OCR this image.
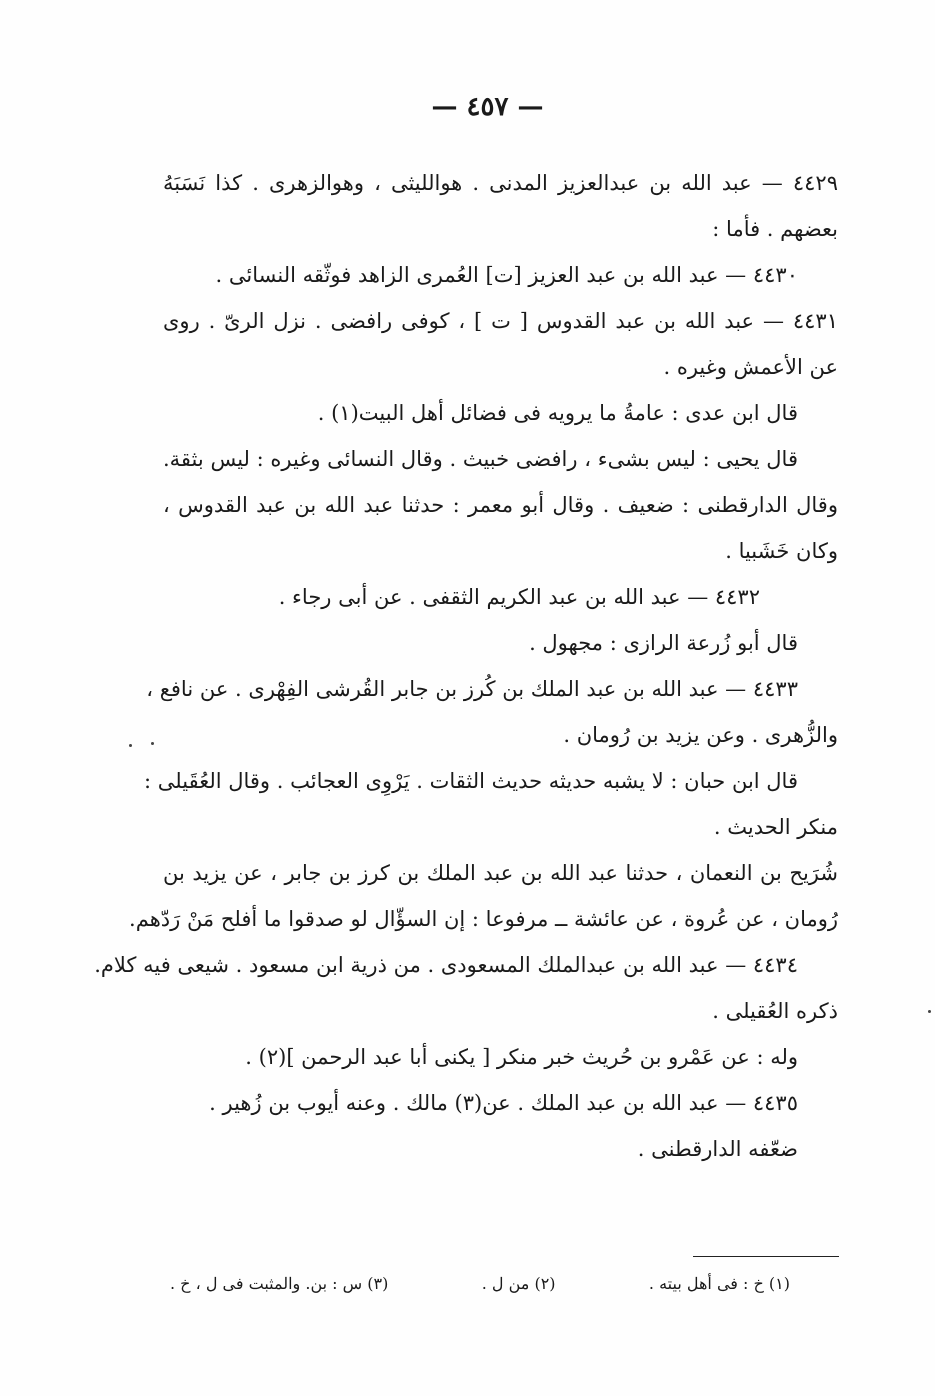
— ٤٥٧ —
٤٤٢٩ — عبد الله بن عبدالعزيز المدنى . هوالليثى ، وهوالزهرى . كذا نَسَبَهُ
بعضهم . فأما :
٤٤٣٠ — عبد الله بن عبد العزيز [ت] العُمرى الزاهد فوثّقه النسائى .
٤٤٣١ — عبد الله بن عبد القدوس [ ت ] ، كوفى رافضى . نزل الرىّ . روى
عن الأعمش وغيره .
قال ابن عدى : عامةُ ما يرويه فى فضائل أهل البيت(١) .
قال يحيى : ليس بشىء ، رافضى خبيث . وقال النسائى وغيره : ليس بثقة.
وقال الدارقطنى : ضعيف . وقال أبو معمر : حدثنا عبد الله بن عبد القدوس ،
وكان خَشَبيا .
٤٤٣٢ — عبد الله بن عبد الكريم الثقفى . عن أبى رجاء .
قال أبو زُرعة الرازى : مجهول .
٤٤٣٣ — عبد الله بن عبد الملك بن كُرز بن جابر القُرشى الفِهْرى . عن نافع ،
والزُّهرى . وعن يزيد بن رُومان .
قال ابن حبان : لا يشبه حديثه حديث الثقات . يَرْوِى العجائب . وقال العُقَيلى :
منكر الحديث .
شُرَيح بن النعمان ، حدثنا عبد الله بن عبد الملك بن كرز بن جابر ، عن يزيد بن
رُومان ، عن عُروة ، عن عائشة ــ مرفوعا : إن السؤّال لو صدقوا ما أفلح مَنْ رَدّهم.
٤٤٣٤ — عبد الله بن عبدالملك المسعودى . من ذرية ابن مسعود . شيعى فيه كلام.
ذكره العُقيلى .
وله : عن عَمْرو بن حُريث خبر منكر [ يكنى أبا عبد الرحمن ](٢) .
٤٤٣٥ — عبد الله بن عبد الملك . عن(٣) مالك . وعنه أيوب بن زُهير .
ضعّفه الدارقطنى .
(١) خ : فى أهل بيته .
(٢) من ل .
(٣) س : بن. والمثبت فى ل ، خ .
